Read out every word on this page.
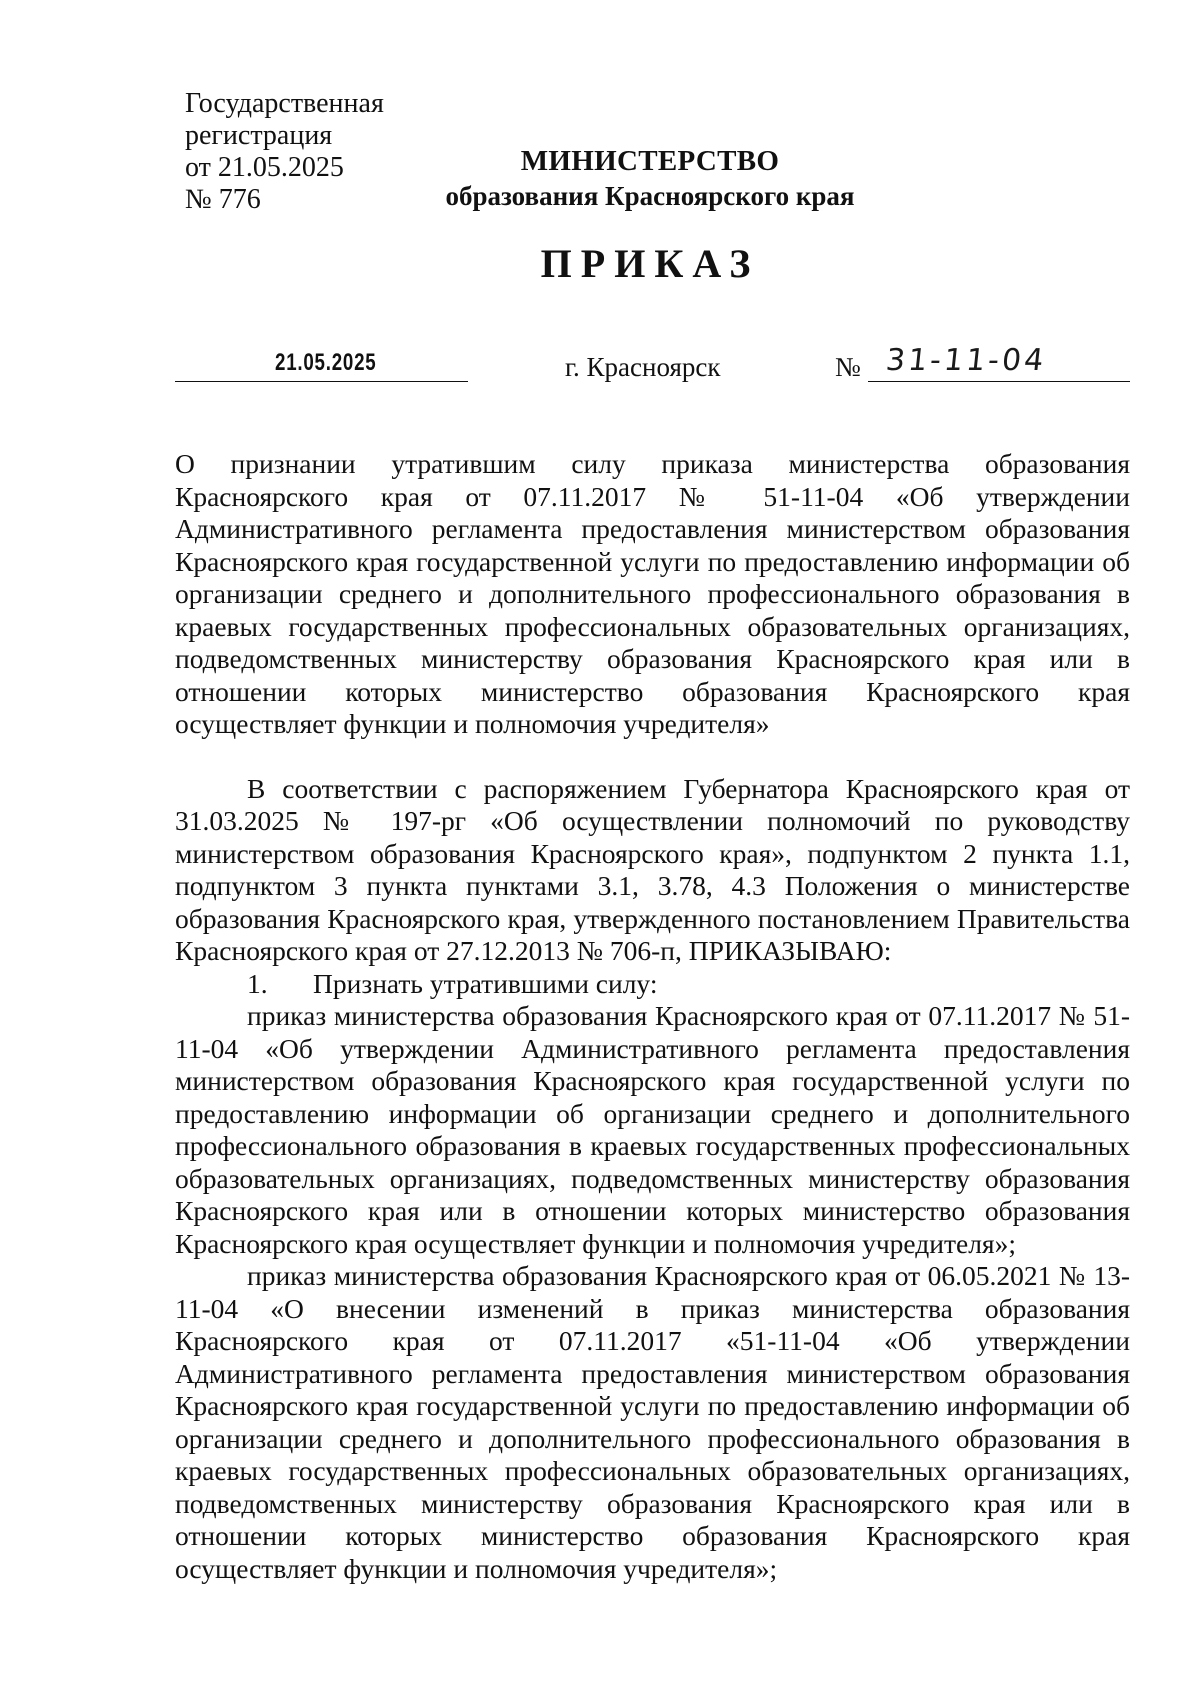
Государственная
регистрация
от 21.05.2025
№ 776
МИНИСТЕРСТВО
образования Красноярского края
ПРИКАЗ
21.05.2025	г. Красноярск	№ 31-11-04

О признании утратившим силу приказа министерства образования Красноярского края от 07.11.2017 № 51-11-04 «Об утверждении Административного регламента предоставления министерством образования Красноярского края государственной услуги по предоставлению информации об организации среднего и дополнительного профессионального образования в краевых государственных профессиональных образовательных организациях, подведомственных министерству образования Красноярского края или в отношении которых министерство образования Красноярского края осуществляет функции и полномочия учредителя»

В соответствии с распоряжением Губернатора Красноярского края от 31.03.2025 № 197-рг «Об осуществлении полномочий по руководству министерством образования Красноярского края», подпунктом 2 пункта 1.1, подпунктом 3 пункта пунктами 3.1, 3.78, 4.3 Положения о министерстве образования Красноярского края, утвержденного постановлением Правительства Красноярского края от 27.12.2013 № 706-п, ПРИКАЗЫВАЮ:

1. Признать утратившими силу:

приказ министерства образования Красноярского края от 07.11.2017 № 51-11-04 «Об утверждении Административного регламента предоставления министерством образования Красноярского края государственной услуги по предоставлению информации об организации среднего и дополнительного профессионального образования в краевых государственных профессиональных образовательных организациях, подведомственных министерству образования Красноярского края или в отношении которых министерство образования Красноярского края осуществляет функции и полномочия учредителя»;

приказ министерства образования Красноярского края от 06.05.2021 № 13-11-04 «О внесении изменений в приказ министерства образования Красноярского края от 07.11.2017 «51-11-04 «Об утверждении Административного регламента предоставления министерством образования Красноярского края государственной услуги по предоставлению информации об организации среднего и дополнительного профессионального образования в краевых государственных профессиональных образовательных организациях, подведомственных министерству образования Красноярского края или в отношении которых министерство образования Красноярского края осуществляет функции и полномочия учредителя»;
